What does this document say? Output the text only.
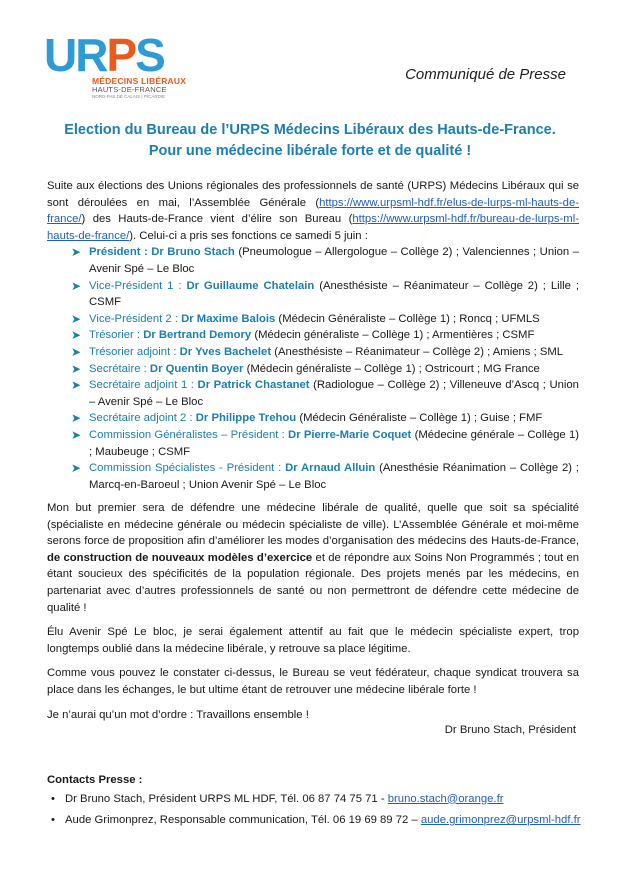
URPS
MÉDECINS LIBÉRAUX
HAUTS-DE-FRANCE
NORD-PAS DE CALAIS | PICARDIE
Communiqué de Presse
Election du Bureau de l’URPS Médecins Libéraux des Hauts-de-France.
Pour une médecine libérale forte et de qualité !

Suite aux élections des Unions régionales des professionnels de santé (URPS) Médecins Libéraux qui se sont déroulées en mai, l’Assemblée Générale (https://www.urpsml-hdf.fr/elus-de-lurps-ml-hauts-de-france/) des Hauts-de-France vient d’élire son Bureau (https://www.urpsml-hdf.fr/bureau-de-lurps-ml-hauts-de-france/). Celui-ci a pris ses fonctions ce samedi 5 juin :

➤ Président : Dr Bruno Stach (Pneumologue – Allergologue – Collège 2) ; Valenciennes ; Union – Avenir Spé – Le Bloc
➤ Vice-Président 1 : Dr Guillaume Chatelain (Anesthésiste – Réanimateur – Collège 2) ; Lille ; CSMF
➤ Vice-Président 2 : Dr Maxime Balois (Médecin Généraliste – Collège 1) ; Roncq ; UFMLS
➤ Trésorier : Dr Bertrand Demory (Médecin généraliste – Collège 1) ; Armentières ; CSMF
➤ Trésorier adjoint : Dr Yves Bachelet (Anesthésiste – Réanimateur – Collège 2) ; Amiens ; SML
➤ Secrétaire : Dr Quentin Boyer (Médecin généraliste – Collège 1) ; Ostricourt ; MG France
➤ Secrétaire adjoint 1 : Dr Patrick Chastanet (Radiologue – Collège 2) ; Villeneuve d’Ascq ; Union – Avenir Spé – Le Bloc
➤ Secrétaire adjoint 2 : Dr Philippe Trehou (Médecin Généraliste – Collège 1) ; Guise ; FMF
➤ Commission Généralistes – Président : Dr Pierre-Marie Coquet (Médecine générale – Collège 1) ; Maubeuge ; CSMF
➤ Commission Spécialistes - Président : Dr Arnaud Alluin (Anesthésie Réanimation – Collège 2) ; Marcq-en-Baroeul ; Union Avenir Spé – Le Bloc

Mon but premier sera de défendre une médecine libérale de qualité, quelle que soit sa spécialité (spécialiste en médecine générale ou médecin spécialiste de ville). L’Assemblée Générale et moi-même serons force de proposition afin d’améliorer les modes d’organisation des médecins des Hauts-de-France, de construction de nouveaux modèles d’exercice et de répondre aux Soins Non Programmés ; tout en étant soucieux des spécificités de la population régionale. Des projets menés par les médecins, en partenariat avec d’autres professionnels de santé ou non permettront de défendre cette médecine de qualité !

Élu Avenir Spé Le bloc, je serai également attentif au fait que le médecin spécialiste expert, trop longtemps oublié dans la médecine libérale, y retrouve sa place légitime.

Comme vous pouvez le constater ci-dessus, le Bureau se veut fédérateur, chaque syndicat trouvera sa place dans les échanges, le but ultime étant de retrouver une médecine libérale forte !

Je n’aurai qu’un mot d’ordre : Travaillons ensemble !

Dr Bruno Stach, Président
Contacts Presse :
• Dr Bruno Stach, Président URPS ML HDF, Tél. 06 87 74 75 71 - bruno.stach@orange.fr
• Aude Grimonprez, Responsable communication, Tél. 06 19 69 89 72 – aude.grimonprez@urpsml-hdf.fr
